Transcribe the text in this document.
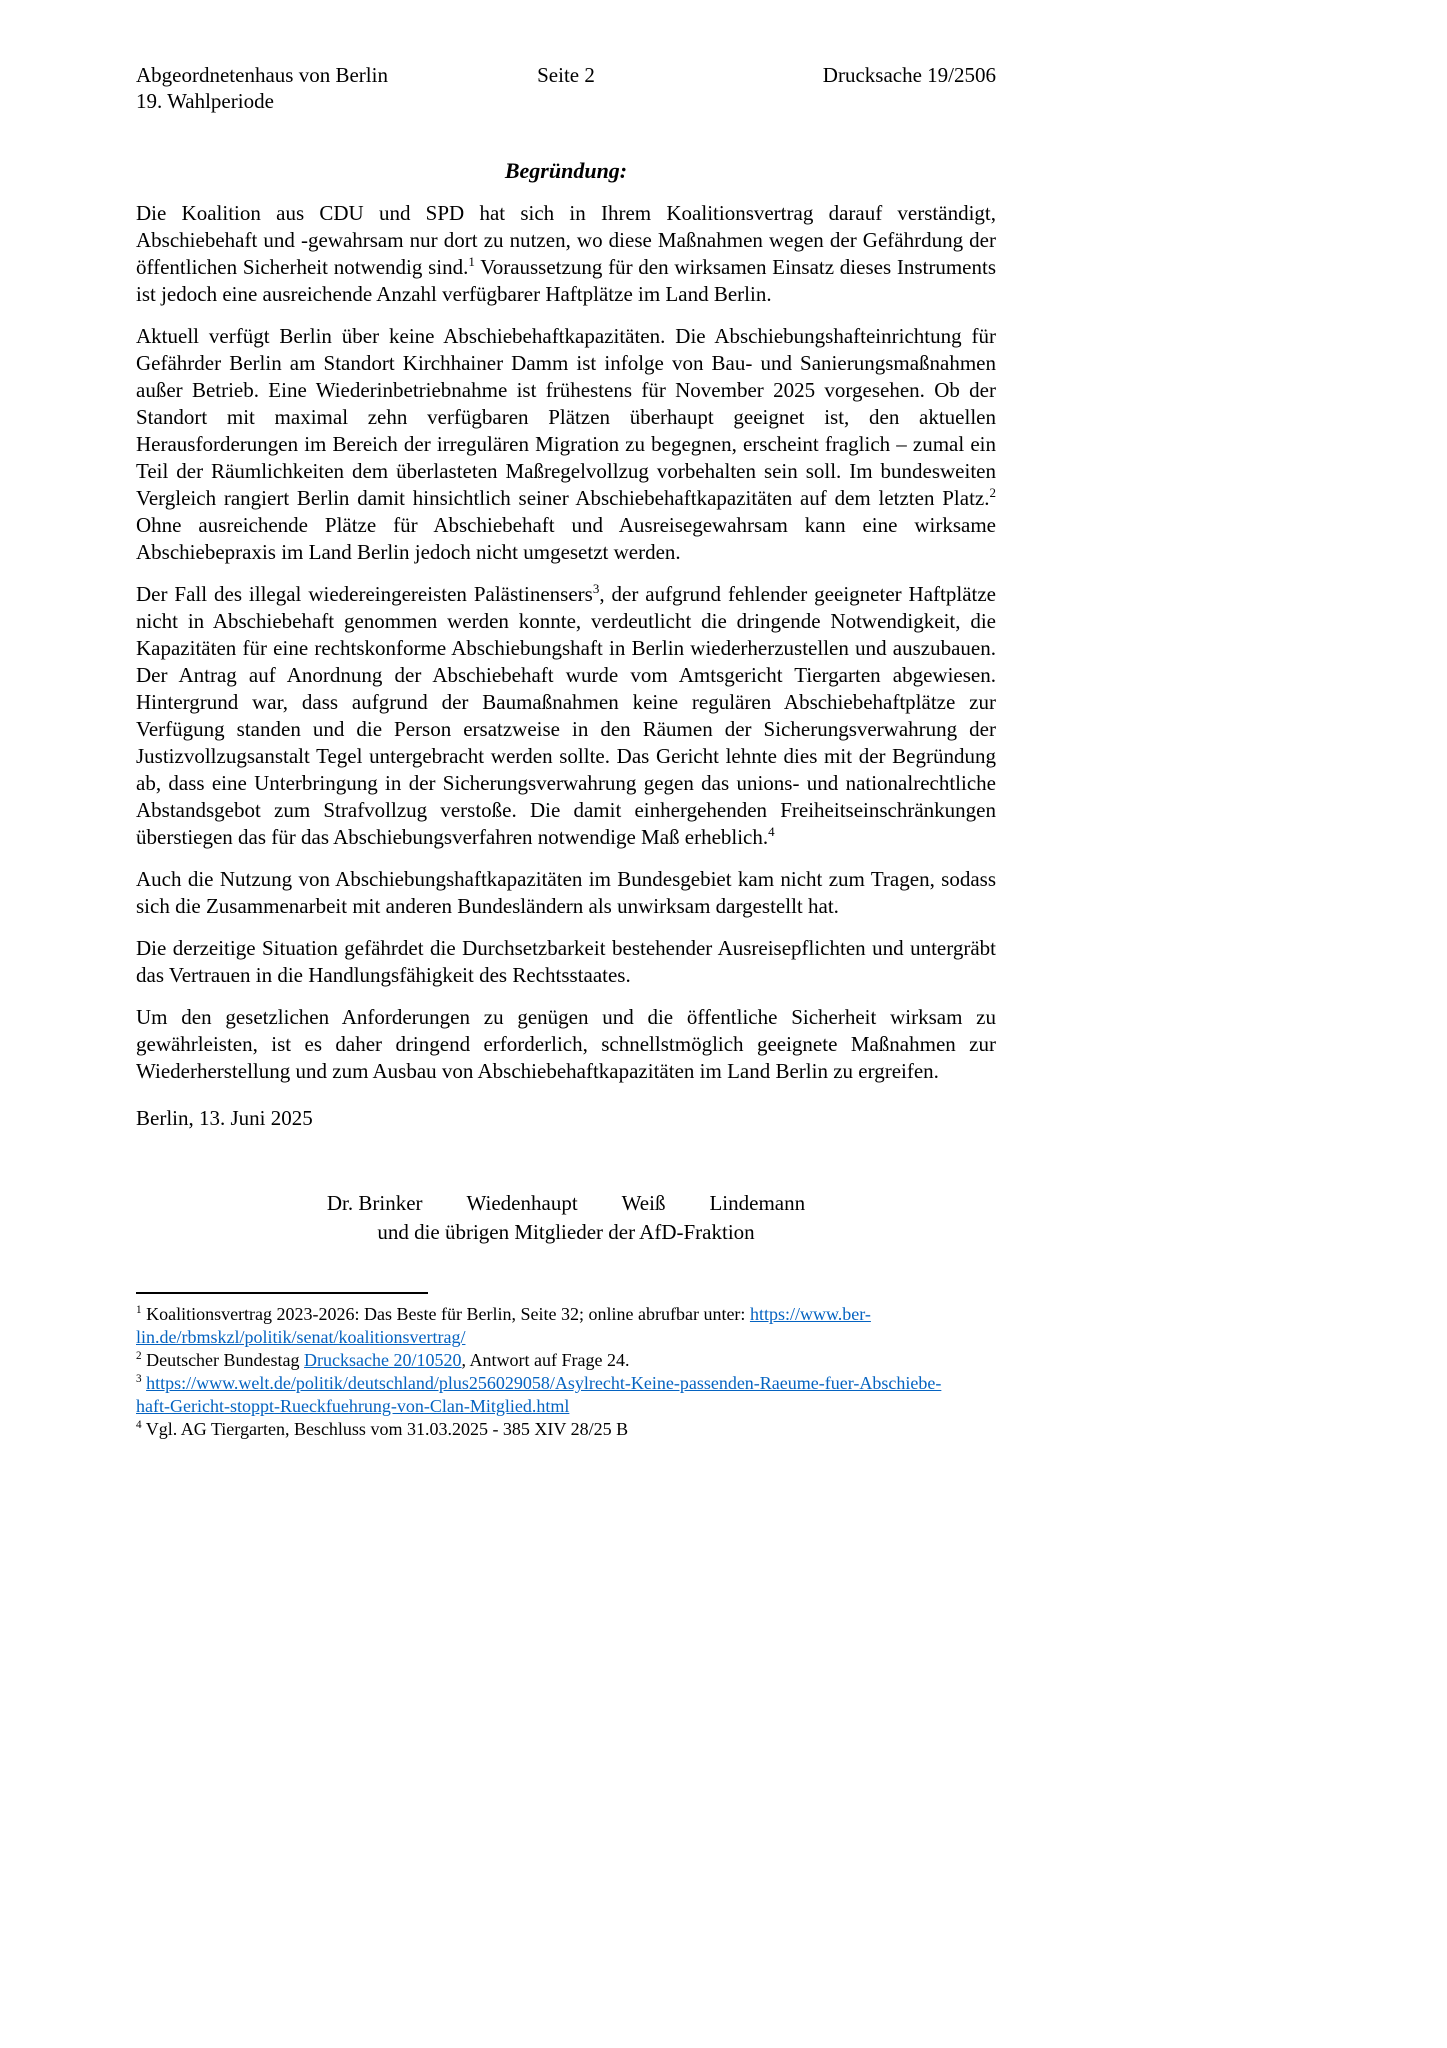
Abgeordnetenhaus von Berlin
19. Wahlperiode
Seite 2	Drucksache 19/2506
Begründung:

Die Koalition aus CDU und SPD hat sich in Ihrem Koalitionsvertrag darauf verständigt, Abschiebehaft und -gewahrsam nur dort zu nutzen, wo diese Maßnahmen wegen der Gefährdung der öffentlichen Sicherheit notwendig sind.$^1$ Voraussetzung für den wirksamen Einsatz dieses Instruments ist jedoch eine ausreichende Anzahl verfügbarer Haftplätze im Land Berlin.

Aktuell verfügt Berlin über keine Abschiebehaftkapazitäten. Die Abschiebungshafteinrichtung für Gefährder Berlin am Standort Kirchhainer Damm ist infolge von Bau- und Sanierungsmaßnahmen außer Betrieb. Eine Wiederinbetriebnahme ist frühestens für November 2025 vorgesehen. Ob der Standort mit maximal zehn verfügbaren Plätzen überhaupt geeignet ist, den aktuellen Herausforderungen im Bereich der irregulären Migration zu begegnen, erscheint fraglich – zumal ein Teil der Räumlichkeiten dem überlasteten Maßregelvollzug vorbehalten sein soll. Im bundesweiten Vergleich rangiert Berlin damit hinsichtlich seiner Abschiebehaftkapazitäten auf dem letzten Platz.$^2$ Ohne ausreichende Plätze für Abschiebehaft und Ausreisegewahrsam kann eine wirksame Abschiebepraxis im Land Berlin jedoch nicht umgesetzt werden.

Der Fall des illegal wiedereingereisten Palästinensers$^3$, der aufgrund fehlender geeigneter Haftplätze nicht in Abschiebehaft genommen werden konnte, verdeutlicht die dringende Notwendigkeit, die Kapazitäten für eine rechtskonforme Abschiebungshaft in Berlin wiederherzustellen und auszubauen. Der Antrag auf Anordnung der Abschiebehaft wurde vom Amtsgericht Tiergarten abgewiesen. Hintergrund war, dass aufgrund der Baumaßnahmen keine regulären Abschiebehaftplätze zur Verfügung standen und die Person ersatzweise in den Räumen der Sicherungsverwahrung der Justizvollzugsanstalt Tegel untergebracht werden sollte. Das Gericht lehnte dies mit der Begründung ab, dass eine Unterbringung in der Sicherungsverwahrung gegen das unions- und nationalrechtliche Abstandsgebot zum Strafvollzug verstoße. Die damit einhergehenden Freiheitseinschränkungen überstiegen das für das Abschiebungsverfahren notwendige Maß erheblich.$^4$

Auch die Nutzung von Abschiebungshaftkapazitäten im Bundesgebiet kam nicht zum Tragen, sodass sich die Zusammenarbeit mit anderen Bundesländern als unwirksam dargestellt hat.

Die derzeitige Situation gefährdet die Durchsetzbarkeit bestehender Ausreisepflichten und untergräbt das Vertrauen in die Handlungsfähigkeit des Rechtsstaates.

Um den gesetzlichen Anforderungen zu genügen und die öffentliche Sicherheit wirksam zu gewährleisten, ist es daher dringend erforderlich, schnellstmöglich geeignete Maßnahmen zur Wiederherstellung und zum Ausbau von Abschiebehaftkapazitäten im Land Berlin zu ergreifen.

Berlin, 13. Juni 2025

Dr. Brinker Wiedenhaupt Weiß Lindemann
und die übrigen Mitglieder der AfD-Fraktion

$^1$ Koalitionsvertrag 2023-2026: Das Beste für Berlin, Seite 32; online abrufbar unter: https://www.ber-
lin.de/rbmskzl/politik/senat/koalitionsvertrag/

$^2$ Deutscher Bundestag Drucksache 20/10520, Antwort auf Frage 24.

$^3$ https://www.welt.de/politik/deutschland/plus256029058/Asylrecht-Keine-passenden-Raeume-fuer-Abschiebe-
haft-Gericht-stoppt-Rueckfuehrung-von-Clan-Mitglied.html

$^4$ Vgl. AG Tiergarten, Beschluss vom 31.03.2025 - 385 XIV 28/25 B
